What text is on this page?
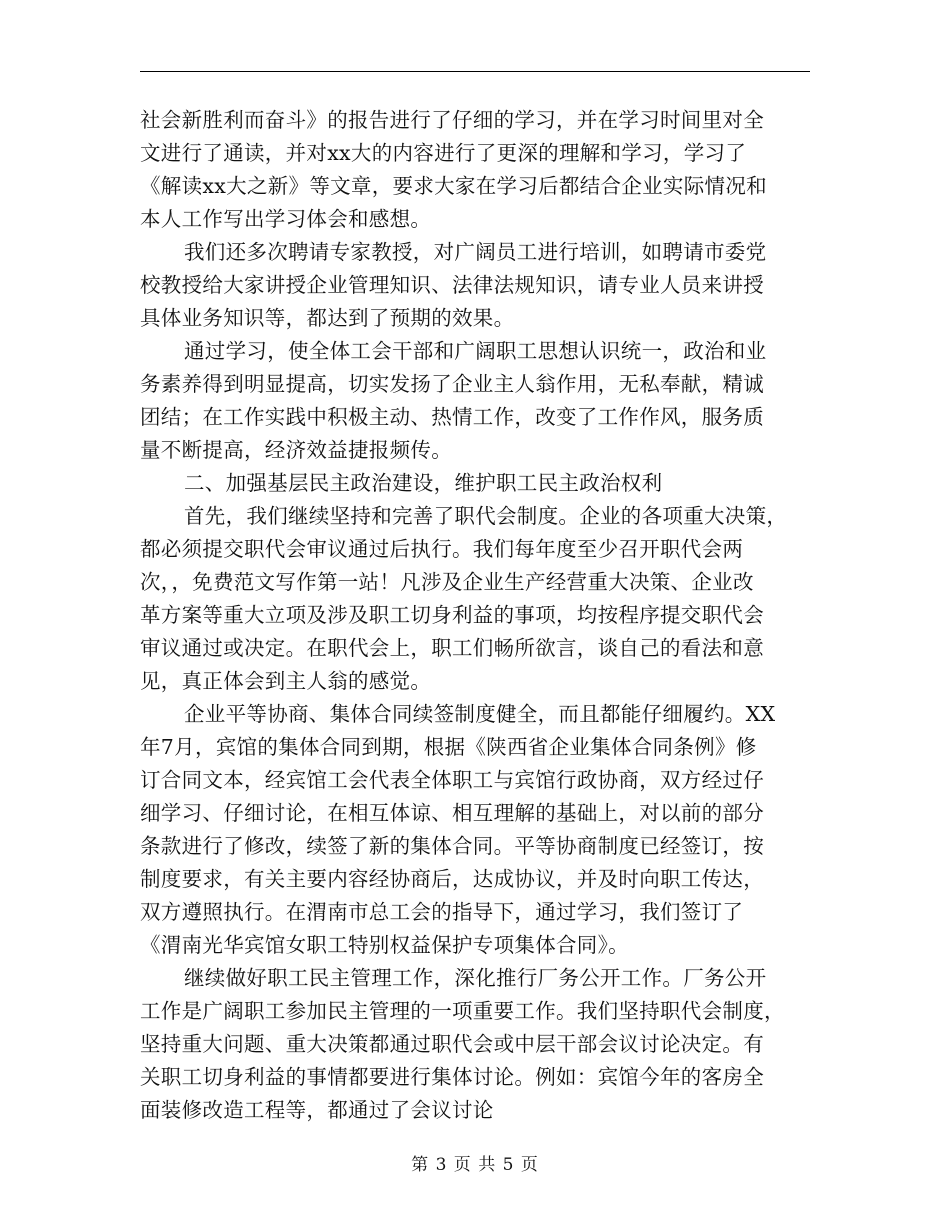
社会新胜利而奋斗》的报告进行了仔细的学习，并在学习时间里对全
文进行了通读，并对xx大的内容进行了更深的理解和学习，学习了
《解读xx大之新》等文章，要求大家在学习后都结合企业实际情况和
本人工作写出学习体会和感想。
我们还多次聘请专家教授，对广阔员工进行培训，如聘请市委党
校教授给大家讲授企业管理知识、法律法规知识，请专业人员来讲授
具体业务知识等，都达到了预期的效果。
通过学习，使全体工会干部和广阔职工思想认识统一，政治和业
务素养得到明显提高，切实发扬了企业主人翁作用，无私奉献，精诚
团结；在工作实践中积极主动、热情工作，改变了工作作风，服务质
量不断提高，经济效益捷报频传。
二、加强基层民主政治建设，维护职工民主政治权利
首先，我们继续坚持和完善了职代会制度。企业的各项重大决策，
都必须提交职代会审议通过后执行。我们每年度至少召开职代会两
次，，免费范文写作第一站！凡涉及企业生产经营重大决策、企业改
革方案等重大立项及涉及职工切身利益的事项，均按程序提交职代会
审议通过或决定。在职代会上，职工们畅所欲言，谈自己的看法和意
见，真正体会到主人翁的感觉。
企业平等协商、集体合同续签制度健全，而且都能仔细履约。XX
年7月，宾馆的集体合同到期，根据《陕西省企业集体合同条例》修
订合同文本，经宾馆工会代表全体职工与宾馆行政协商，双方经过仔
细学习、仔细讨论，在相互体谅、相互理解的基础上，对以前的部分
条款进行了修改，续签了新的集体合同。平等协商制度已经签订，按
制度要求，有关主要内容经协商后，达成协议，并及时向职工传达，
双方遵照执行。在渭南市总工会的指导下，通过学习，我们签订了
《渭南光华宾馆女职工特别权益保护专项集体合同》。
继续做好职工民主管理工作，深化推行厂务公开工作。厂务公开
工作是广阔职工参加民主管理的一项重要工作。我们坚持职代会制度，
坚持重大问题、重大决策都通过职代会或中层干部会议讨论决定。有
关职工切身利益的事情都要进行集体讨论。例如：宾馆今年的客房全
面装修改造工程等，都通过了会议讨论
第 3 页 共 5 页
